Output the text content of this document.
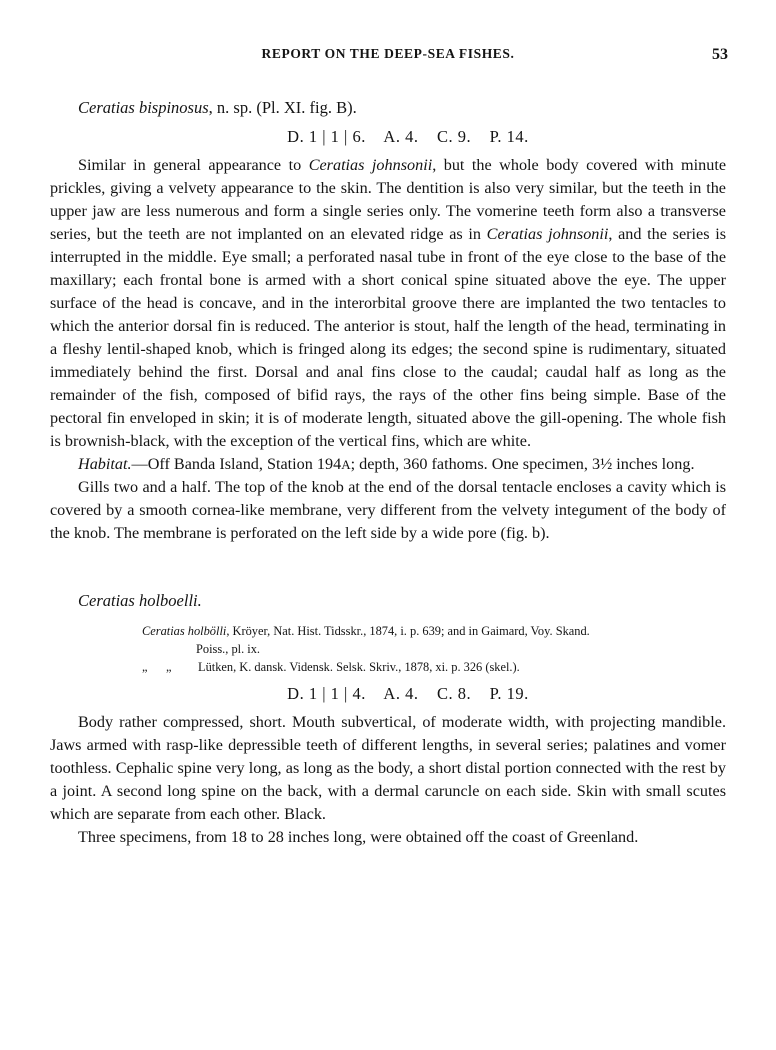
REPORT ON THE DEEP-SEA FISHES.	53

Ceratias bispinosus, n. sp. (Pl. XI. fig. B).

D. 1 | 1 | 6.    A. 4.    C. 9.    P. 14.

Similar in general appearance to Ceratias johnsonii, but the whole body covered with minute prickles, giving a velvety appearance to the skin. The dentition is also very similar, but the teeth in the upper jaw are less numerous and form a single series only. The vomerine teeth form also a transverse series, but the teeth are not implanted on an elevated ridge as in Ceratias johnsonii, and the series is interrupted in the middle. Eye small; a perforated nasal tube in front of the eye close to the base of the maxillary; each frontal bone is armed with a short conical spine situated above the eye. The upper surface of the head is concave, and in the interorbital groove there are implanted the two tentacles to which the anterior dorsal fin is reduced. The anterior is stout, half the length of the head, terminating in a fleshy lentil-shaped knob, which is fringed along its edges; the second spine is rudimentary, situated immediately behind the first. Dorsal and anal fins close to the caudal; caudal half as long as the remainder of the fish, composed of bifid rays, the rays of the other fins being simple. Base of the pectoral fin enveloped in skin; it is of moderate length, situated above the gill-opening. The whole fish is brownish-black, with the exception of the vertical fins, which are white.

Habitat.—Off Banda Island, Station 194A; depth, 360 fathoms. One specimen, 3½ inches long.

Gills two and a half. The top of the knob at the end of the dorsal tentacle encloses a cavity which is covered by a smooth cornea-like membrane, very different from the velvety integument of the body of the knob. The membrane is perforated on the left side by a wide pore (fig. b).

Ceratias holboelli.

Ceratias holbölli, Kröyer, Nat. Hist. Tidsskr., 1874, i. p. 639; and in Gaimard, Voy. Skand.
Poiss., pl. ix.
„ „ Lütken, K. dansk. Vidensk. Selsk. Skriv., 1878, xi. p. 326 (skel.).

D. 1 | 1 | 4.    A. 4.    C. 8.    P. 19.

Body rather compressed, short. Mouth subvertical, of moderate width, with projecting mandible. Jaws armed with rasp-like depressible teeth of different lengths, in several series; palatines and vomer toothless. Cephalic spine very long, as long as the body, a short distal portion connected with the rest by a joint. A second long spine on the back, with a dermal caruncle on each side. Skin with small scutes which are separate from each other. Black.

Three specimens, from 18 to 28 inches long, were obtained off the coast of Greenland.
